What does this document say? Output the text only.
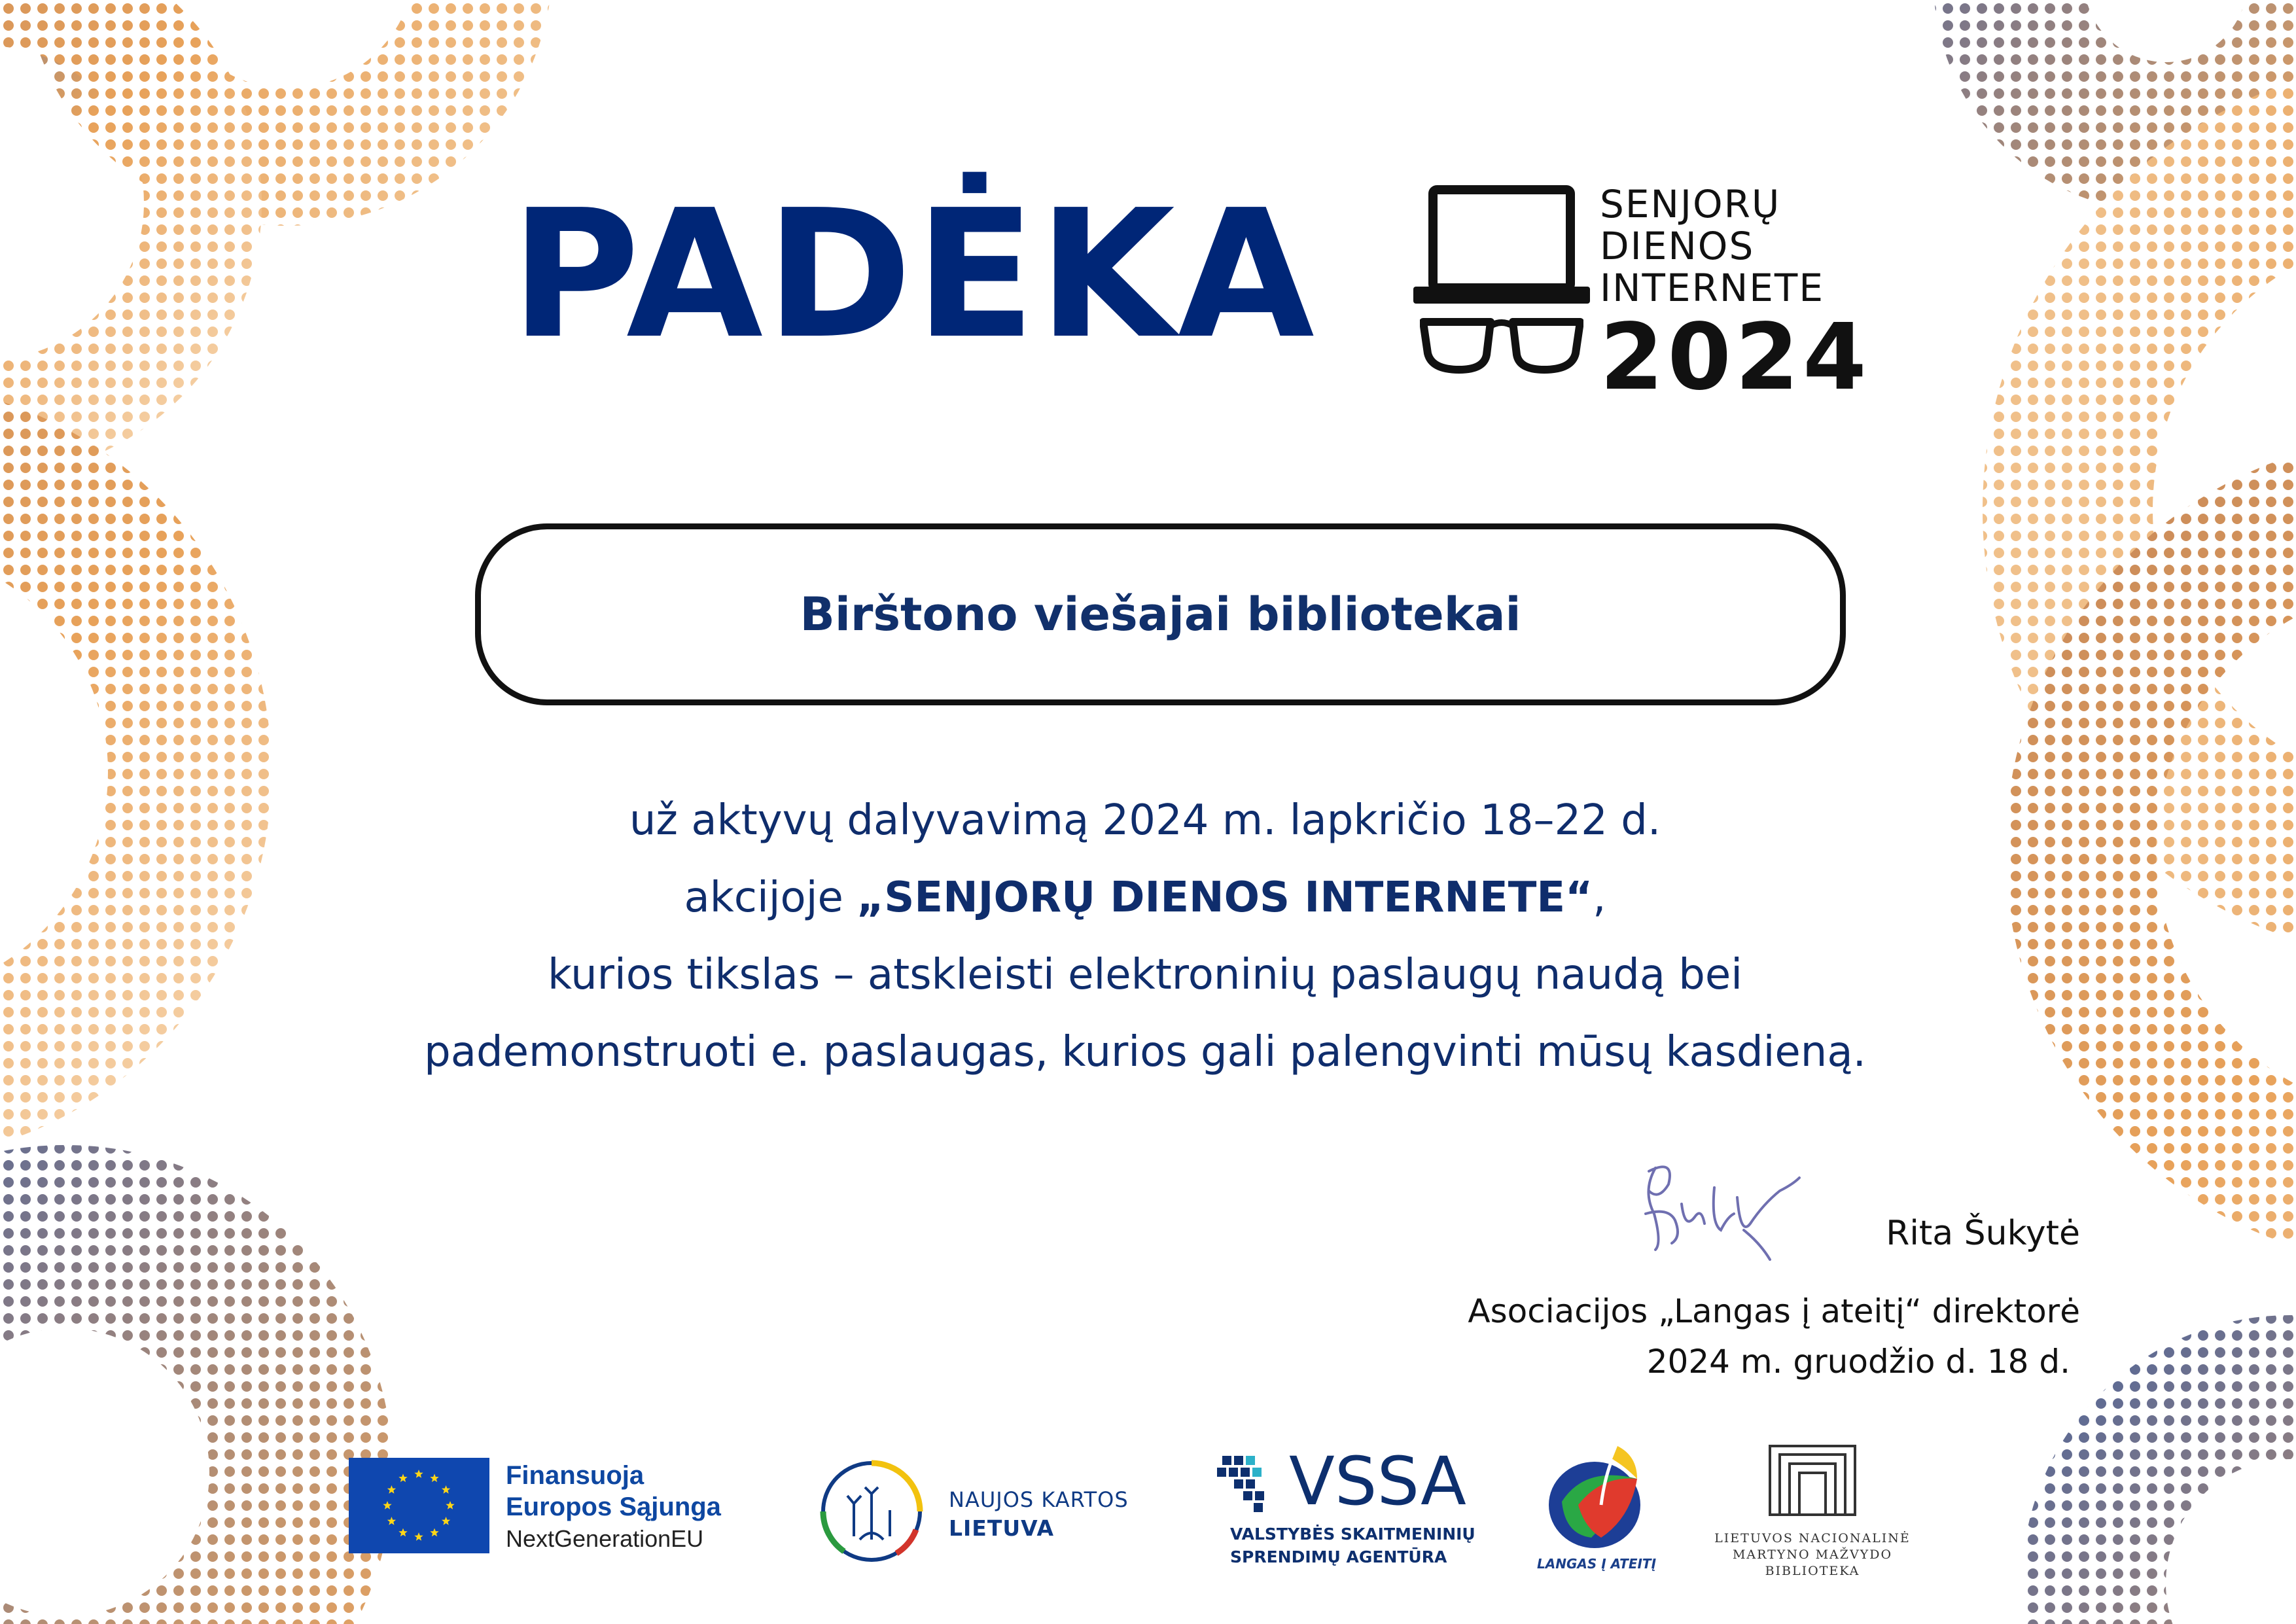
PADĖKA	SENJORŲ
DIENOS
INTERNETE
2024
Birštono viešajai bibliotekai

už aktyvų dalyvavimą 2024 m. lapkričio 18–22 d.

akcijoje „SENJORŲ DIENOS INTERNETE“,

kurios tikslas – atskleisti elektroninių paslaugų naudą bei

pademonstruoti e. paslaugas, kurios gali palengvinti mūsų kasdieną.

Rita Šukytė
Asociacijos „Langas į ateitį“ direktorė
2024 m. gruodžio d. 18 d.
Finansuoja
Europos Sąjunga
NextGenerationEU
NAUJOS KARTOS
LIETUVA
VSSA
VALSTYBĖS SKAITMENINIŲ
SPRENDIMŲ AGENTŪRA	LANGAS Į ATEITĮ
LIETUVOS NACIONALINĖ
MARTYNO MAŽVYDO
BIBLIOTEKA
